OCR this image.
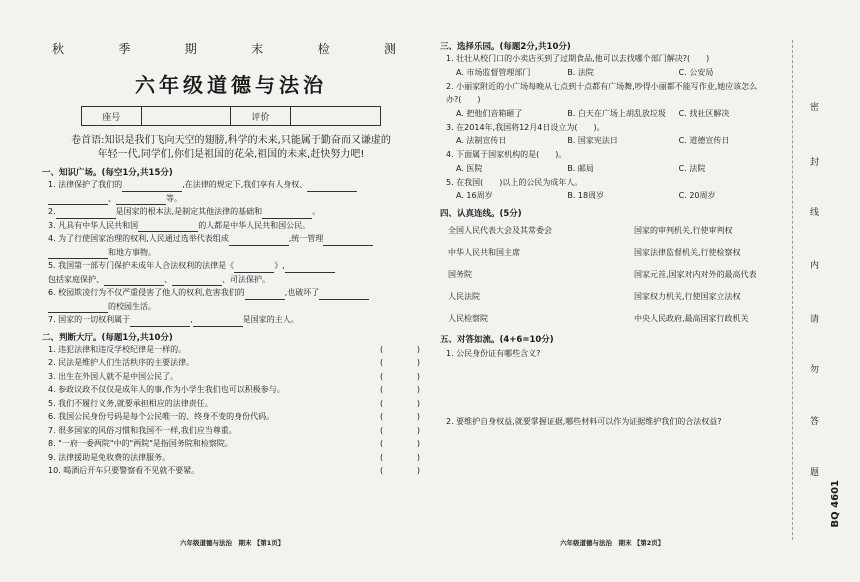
秋	季	期	末	检	测
六年级道德与法治
座号	评价
卷首语:知识是我们飞向天空的翅膀,科学的未来,只能属于勤奋而又谦虚的
年轻一代,同学们,你们是祖国的花朵,祖国的未来,赶快努力吧!
一、知识广场。(每空1分,共15分)
1. 法律保护了我们的	,在法律的规定下,我们享有人身权、
、	等。
2.	是国家的根本法,是制定其他法律的基础和	。
3. 凡具有中华人民共和国	的人都是中华人民共和国公民。
4. 为了行使国家治理的权利,人民通过选举代表组成	,统一管理
和地方事物。
5. 我国第一部专门保护未成年人合法权利的法律是《	》,
包括家庭保护、	、	、司法保护。
6. 校园欺凌行为不仅严重侵害了他人的权利,危害我们的	,也破坏了
的校园生活。
7. 国家的一切权利属于	,	是国家的主人。
二、判断大厅。(每题1分,共10分)
1. 违犯法律和违反学校纪律是一样的。	(	)
2. 民法是维护人们生活秩序的主要法律。	(	)
3. 出生在外国人就不是中国公民了。	(	)
4. 参政议政不仅仅是成年人的事,作为小学生我们也可以积极参与。	(	)
5. 我们不履行义务,就要承担相应的法律责任。	(	)
6. 我国公民身份号码是每个公民唯一的、终身不变的身份代码。	(	)
7. 很多国家的风俗习惯和我国不一样,我们应当尊重。	(	)
8. "一府一委两院"中的"两院"是指国务院和检察院。	(	)
9. 法律援助是免收费的法律服务。	(	)
10. 喝酒后开车只要警察看不见就不要紧。	(	)
六年级道德与法治　期末 【第1页】
三、选择乐园。(每题2分,共10分)
1. 壮壮从校门口的小卖店买到了过期食品,他可以去找哪个部门解决?(　　)
A. 市场监督管理部门	B. 法院	C. 公安局
2. 小丽家附近的小广场每晚从七点到十点都有广场舞,吵得小丽都不能写作业,她应该怎么
办?(　　)
A. 把他们音箱砸了	B. 白天在广场上胡乱放垃圾	C. 找社区解决
3. 在2014年,我国将12月4日设立为(　　)。
A. 法制宣传日	B. 国家宪法日	C. 道德宣传日
4. 下面属于国家机构的是(　　)。
A. 医院	B. 邮局	C. 法院
5. 在我国(　　)以上的公民为成年人。
A. 16周岁	B. 18周岁	C. 20周岁
四、认真连线。(5分)
全国人民代表大会及其常委会	国家的审判机关,行使审判权
中华人民共和国主席	国家法律监督机关,行使检察权
国务院	国家元首,国家对内对外的最高代表
人民法院	国家权力机关,行使国家立法权
人民检察院	中央人民政府,最高国家行政机关
五、对答如流。(4+6=10分)
1. 公民身份证有哪些含义?
2. 要维护自身权益,就要掌握证据,哪些材料可以作为证据维护我们的合法权益?
六年级道德与法治　期末 【第2页】
密
封
线
内
请
勿
答
题
BQ 4601
